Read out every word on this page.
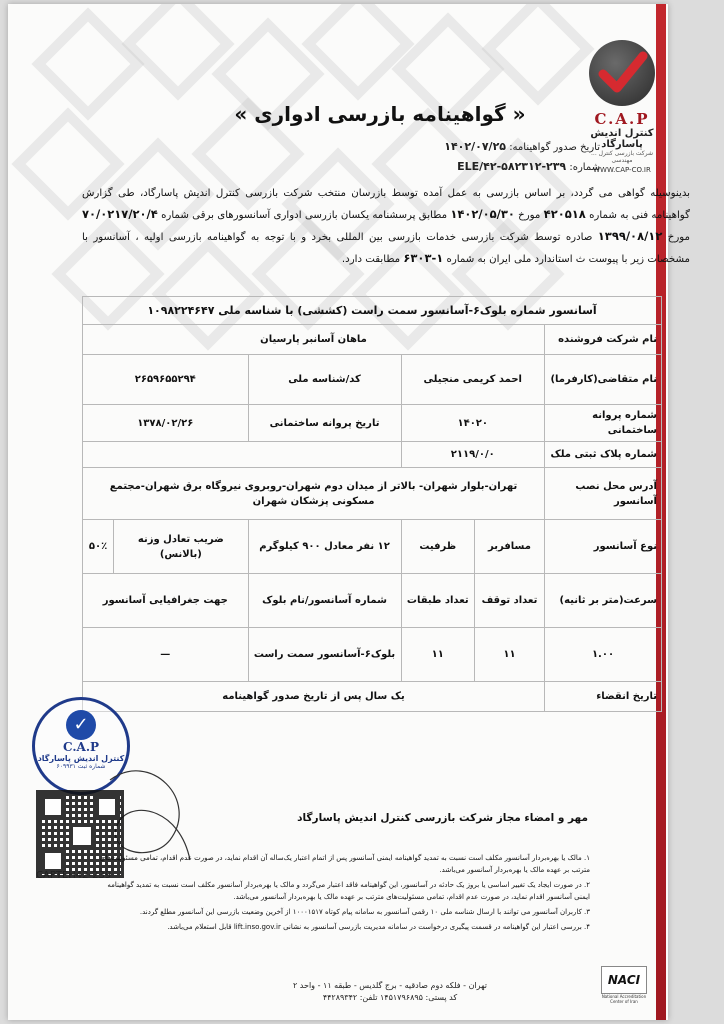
C.A.P
کنترل اندیش پاسارگاد
شرکت بازرسی کنترل ... مهندسی
WWW.CAP-CO.IR
« گواهینامه بازرسی ادواری »
تاریخ صدور گواهینامه: ۱۴۰۲/۰۷/۲۵
شماره: ELE/۴۲-۵۸۲۳۱۲-۲۳۹
بدینوسیله گواهی می گردد، بر اساس بازرسی به عمل آمده توسط بازرسان منتخب شرکت بازرسی کنترل اندیش پاسارگاد، طی گزارش گواهینامه فنی به شماره ۴۲۰۵۱۸ مورخ ۱۴۰۲/۰۵/۳۰ مطابق پرسشنامه یکسان بازرسی ادواری آسانسورهای برقی شماره ۷۰/۰۲۱۷/۲۰/۴ مورخ ۱۳۹۹/۰۸/۱۲ صادره توسط شرکت بازرسی خدمات بازرسی بین المللی بخرد و با توجه به گواهینامه بازرسی اولیه ، آسانسور با مشخصات زیر با پیوست ث استاندارد ملی ایران به شماره ۱-۶۳۰۳ مطابقت دارد.
آسانسور شماره بلوک۶-آسانسور سمت راست (کششی) با شناسه ملی ۱۰۹۸۲۲۴۶۴۷					
نام شرکت فروشنده	ماهان آسانبر پارسیان				
نام متقاضی(کارفرما)	احمد کریمی منجیلی		کد/شناسه ملی	۲۶۵۹۶۵۵۲۹۴	
شماره پروانه ساختمانی	۱۴۰۲۰		تاریخ پروانه ساختمانی	۱۳۷۸/۰۲/۲۶	
شماره پلاک ثبتی ملک	۲۱۱۹/۰/۰				
آدرس محل نصب آسانسور	تهران-بلوار شهران- بالاتر از میدان دوم شهران-روبروی نیروگاه برق شهران-مجتمع مسکونی پزشکان شهران				
نوع آسانسور	مسافربر	ظرفیت	۱۲ نفر معادل ۹۰۰ کیلوگرم	ضریب تعادل وزنه (بالانس)	۵۰٪
سرعت(متر بر ثانیه)	تعداد توقف	تعداد طبقات	شماره آسانسور/نام بلوک	جهت جغرافیایی آسانسور	
۱.۰۰	۱۱	۱۱	بلوک۶-آسانسور سمت راست	—	
تاریخ انقضاء	یک سال پس از تاریخ صدور گواهینامه				
✓
C.A.P
کنترل اندیش پاسارگاد
شماره ثبت ۶۰۹۹۳۱
مهر و امضاء مجاز شرکت بازرسی کنترل اندیش پاسارگاد
CAPTEH42-239
۱. مالک یا بهره‌بردار آسانسور مکلف است نسبت به تمدید گواهینامه ایمنی آسانسور پس از اتمام اعتبار یک‌ساله آن اقدام نماید، در صورت عدم اقدام، تمامی مسئولیت‌های مترتب بر عهده مالک یا بهره‌بردار آسانسور می‌باشد.
۲. در صورت ایجاد یک تغییر اساسی یا بروز یک حادثه در آسانسور، این گواهینامه فاقد اعتبار می‌گردد و مالک یا بهره‌بردار آسانسور مکلف است نسبت به تمدید گواهینامه ایمنی آسانسور اقدام نماید، در صورت عدم اقدام، تمامی مسئولیت‌های مترتب بر عهده مالک یا بهره‌بردار آسانسور می‌باشد.
۳. کاربران آسانسور می توانند با ارسال شناسه ملی ۱۰ رقمی آسانسور به سامانه پیام کوتاه ۱۰۰۰۱۵۱۷ از آخرین وضعیت بازرسی این آسانسور مطلع گردند.
۴. بررسی اعتبار این گواهینامه در قسمت پیگیری درخواست در سامانه مدیریت بازرسی آسانسور به نشانی lift.inso.gov.ir قابل استعلام می‌باشد.
تهران - فلکه دوم صادقیه - برج گلدیس - طبقه ۱۱ - واحد ۲
کد پستی: ۱۴۵۱۷۹۶۸۹۵ تلفن: ۴۴۲۸۹۳۴۲
NACI
National Accreditation Center of Iran
